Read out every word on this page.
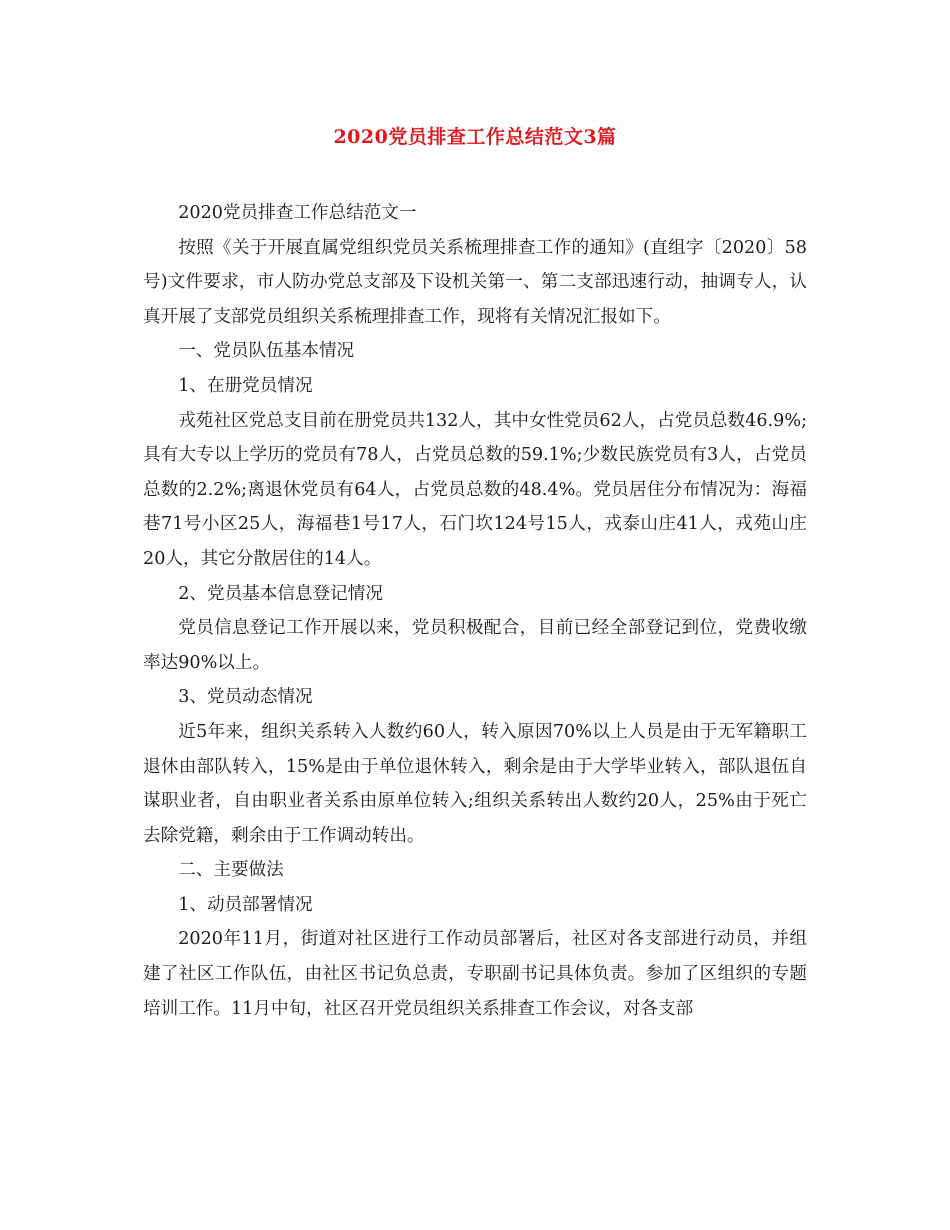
2020党员排查工作总结范文3篇

2020党员排查工作总结范文一

按照《关于开展直属党组织党员关系梳理排查工作的通知》(直组字〔2020〕58号)文件要求，市人防办党总支部及下设机关第一、第二支部迅速行动，抽调专人，认真开展了支部党员组织关系梳理排查工作，现将有关情况汇报如下。

一、党员队伍基本情况

1、在册党员情况

戎苑社区党总支目前在册党员共132人，其中女性党员62人，占党员总数46.9%;具有大专以上学历的党员有78人，占党员总数的59.1%;少数民族党员有3人，占党员总数的2.2%;离退休党员有64人，占党员总数的48.4%。党员居住分布情况为：海福巷71号小区25人，海福巷1号17人，石门坎124号15人，戎泰山庄41人，戎苑山庄20人，其它分散居住的14人。

2、党员基本信息登记情况

党员信息登记工作开展以来，党员积极配合，目前已经全部登记到位，党费收缴率达90%以上。

3、党员动态情况

近5年来，组织关系转入人数约60人，转入原因70%以上人员是由于无军籍职工退休由部队转入，15%是由于单位退休转入，剩余是由于大学毕业转入，部队退伍自谋职业者，自由职业者关系由原单位转入;组织关系转出人数约20人，25%由于死亡去除党籍，剩余由于工作调动转出。

二、主要做法

1、动员部署情况

2020年11月，街道对社区进行工作动员部署后，社区对各支部进行动员，并组建了社区工作队伍，由社区书记负总责，专职副书记具体负责。参加了区组织的专题培训工作。11月中旬，社区召开党员组织关系排查工作会议，对各支部
